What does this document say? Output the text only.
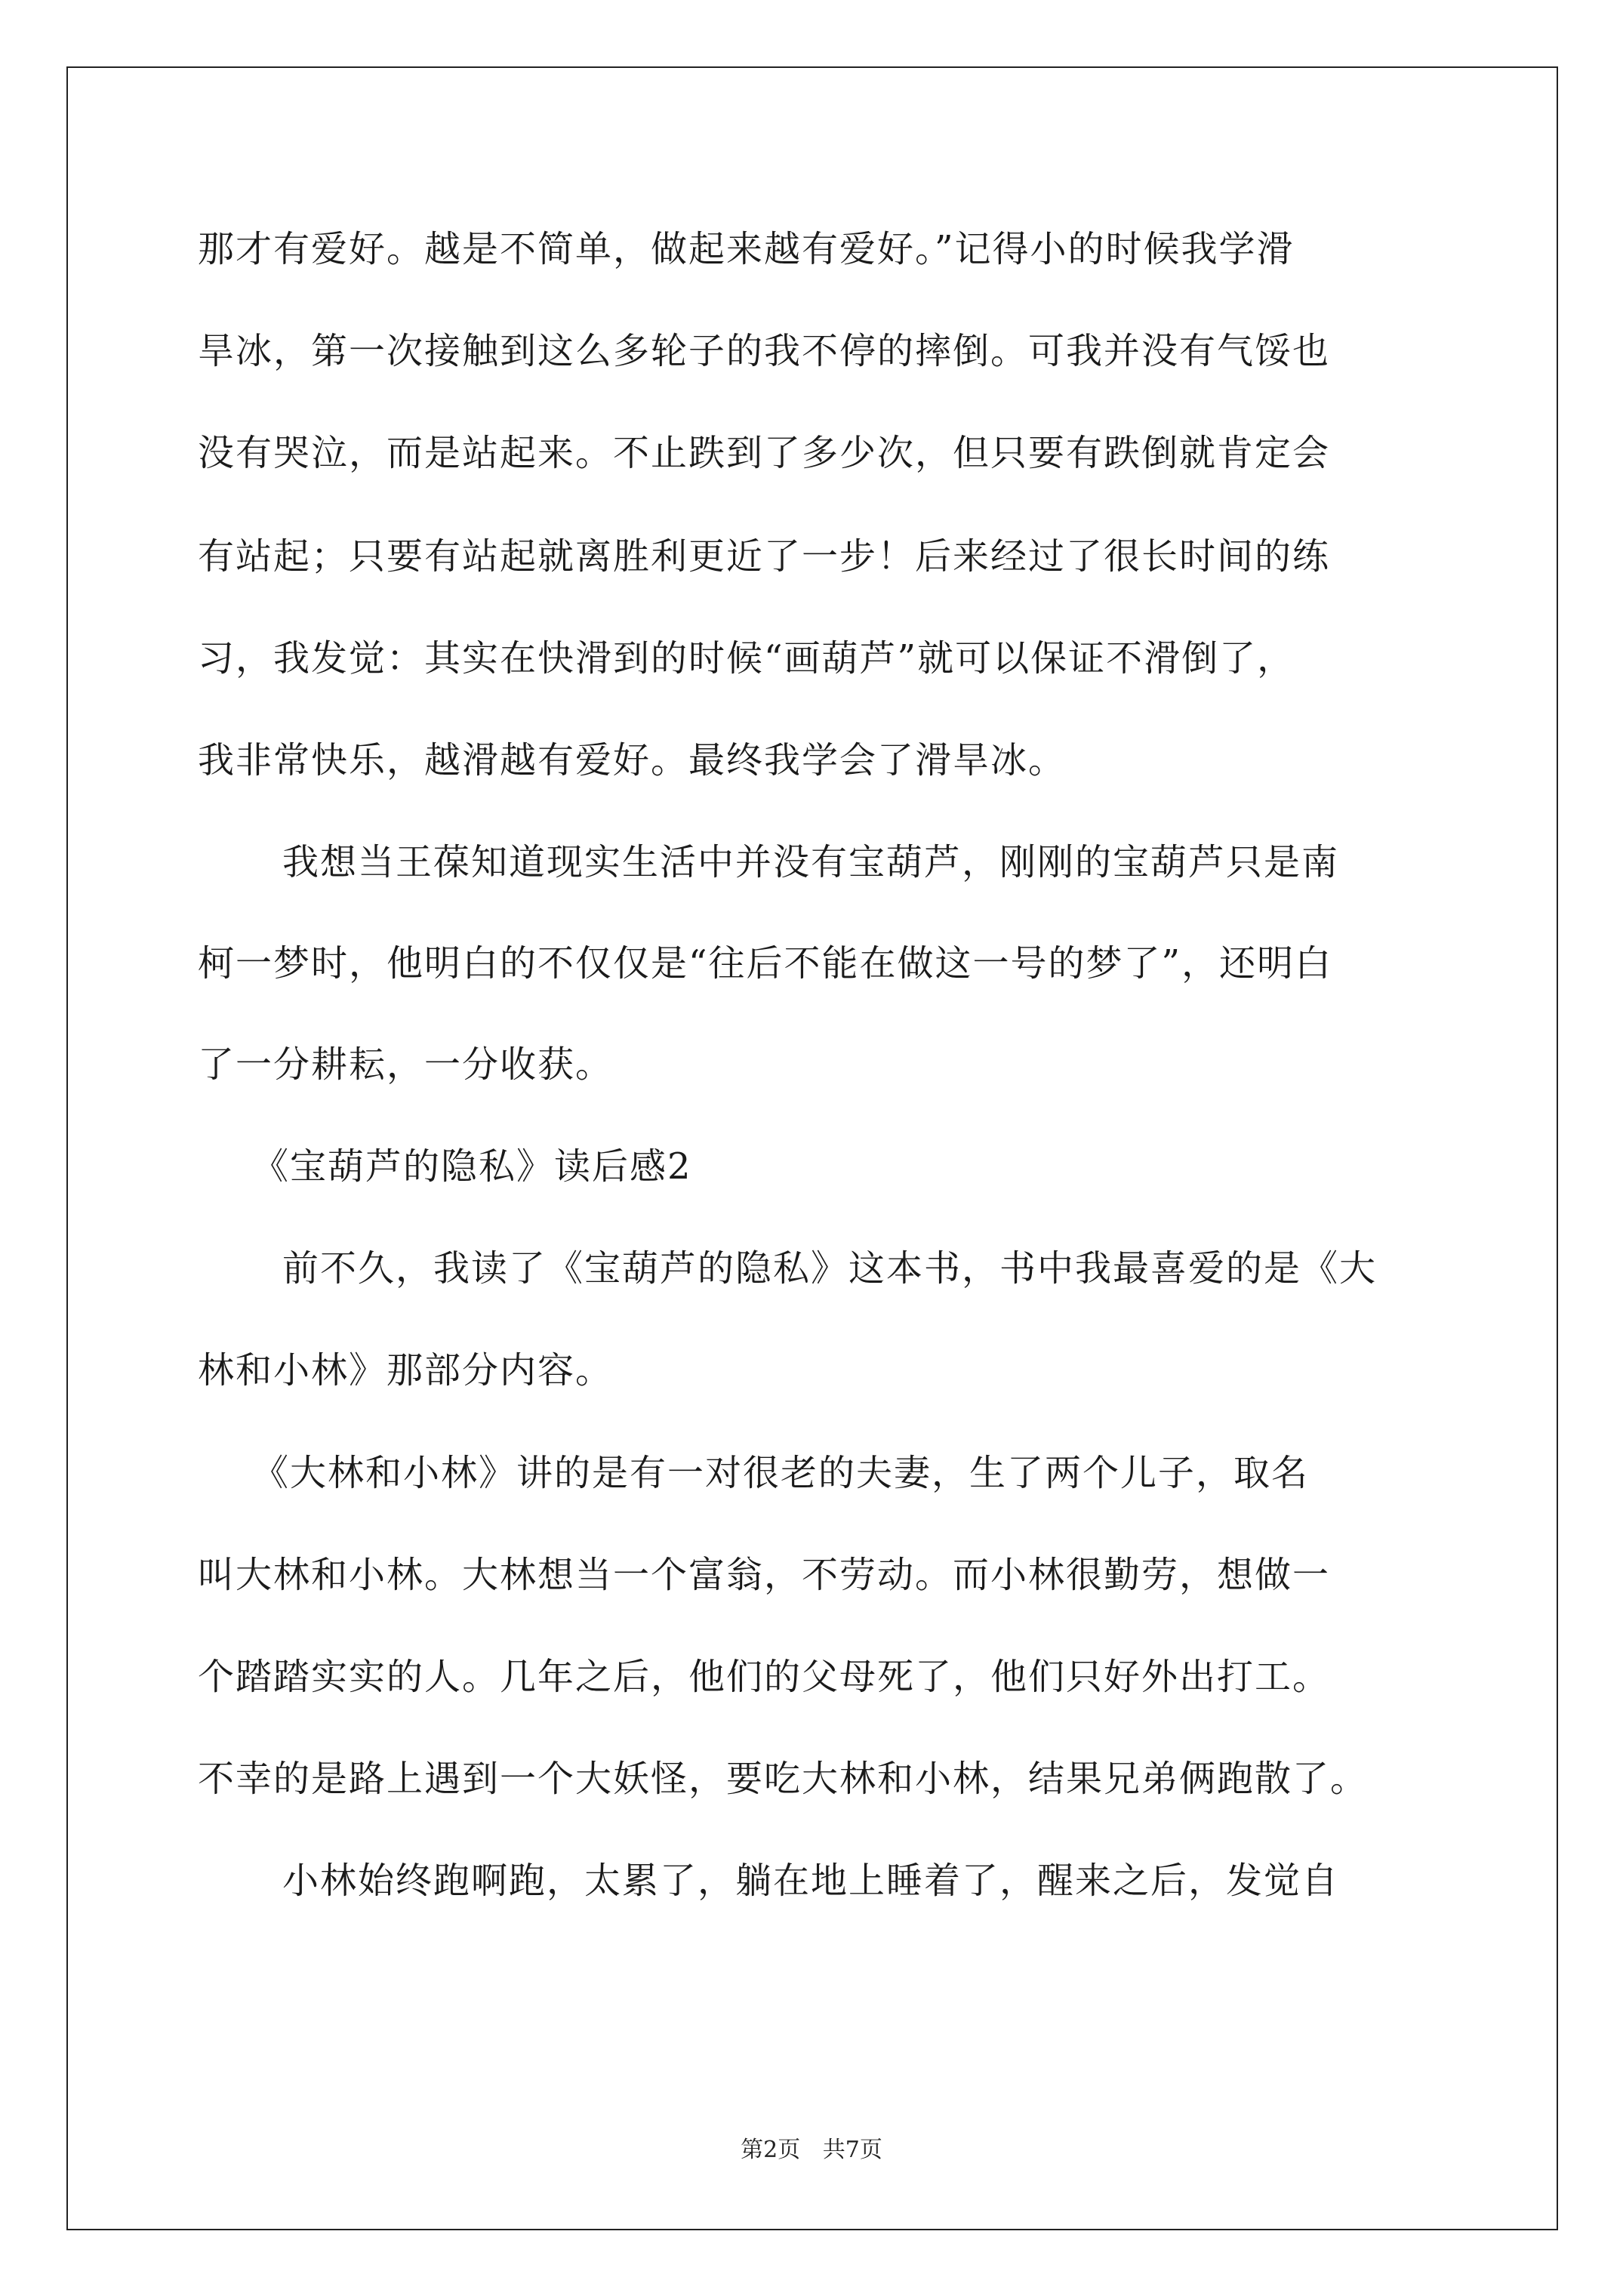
那才有爱好。越是不简单，做起来越有爱好。”记得小的时候我学滑
旱冰，第一次接触到这么多轮子的我不停的摔倒。可我并没有气馁也
没有哭泣，而是站起来。不止跌到了多少次，但只要有跌倒就肯定会
有站起；只要有站起就离胜利更近了一步！后来经过了很长时间的练
习，我发觉：其实在快滑到的时候“画葫芦”就可以保证不滑倒了，
我非常快乐，越滑越有爱好。最终我学会了滑旱冰。
我想当王葆知道现实生活中并没有宝葫芦，刚刚的宝葫芦只是南
柯一梦时，他明白的不仅仅是“往后不能在做这一号的梦了”，还明白
了一分耕耘，一分收获。
《宝葫芦的隐私》读后感2
前不久，我读了《宝葫芦的隐私》这本书，书中我最喜爱的是《大
林和小林》那部分内容。
《大林和小林》讲的是有一对很老的夫妻，生了两个儿子，取名
叫大林和小林。大林想当一个富翁，不劳动。而小林很勤劳，想做一
个踏踏实实的人。几年之后，他们的父母死了，他们只好外出打工。
不幸的是路上遇到一个大妖怪，要吃大林和小林，结果兄弟俩跑散了。
小林始终跑啊跑，太累了，躺在地上睡着了，醒来之后，发觉自
第2页 共7页
